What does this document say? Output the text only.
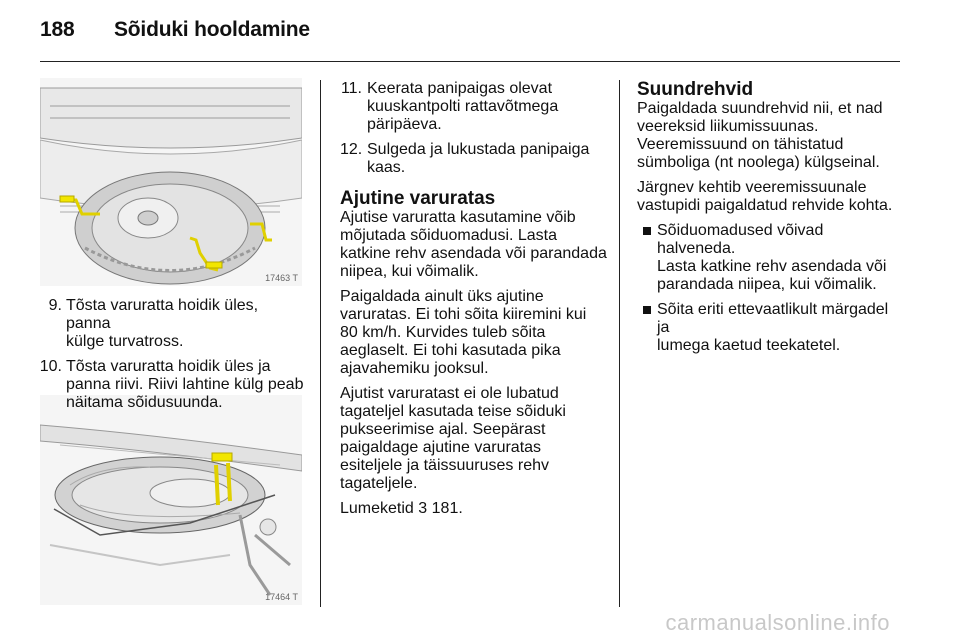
188 Sõiduki hooldamine
17463 T
17464 T
9. Tõsta varuratta hoidik üles, panna
külge turvatross.
10. Tõsta varuratta hoidik üles ja
panna riivi. Riivi lahtine külg peab
näitama sõidusuunda.
11. Keerata panipaigas olevat
kuuskantpolti rattavõtmega
päripäeva.
12. Sulgeda ja lukustada panipaiga
kaas.
Ajutine varuratas

Ajutise varuratta kasutamine võib
mõjutada sõiduomadusi. Lasta
katkine rehv asendada või parandada
niipea, kui võimalik.

Paigaldada ainult üks ajutine
varuratas. Ei tohi sõita kiiremini kui
80 km/h. Kurvides tuleb sõita
aeglaselt. Ei tohi kasutada pika
ajavahemiku jooksul.

Ajutist varuratast ei ole lubatud
tagateljel kasutada teise sõiduki
pukseerimise ajal. Seepärast
paigaldage ajutine varuratas
esiteljele ja täissuuruses rehv
tagateljele.

Lumeketid 3 181.

Suundrehvid

Paigaldada suundrehvid nii, et nad
veereksid liikumissuunas.
Veeremissuund on tähistatud
sümboliga (nt noolega) külgseinal.

Järgnev kehtib veeremissuunale
vastupidi paigaldatud rehvide kohta.

Sõiduomadused võivad halveneda.
Lasta katkine rehv asendada või
parandada niipea, kui võimalik.
Sõita eriti ettevaatlikult märgadel ja
lumega kaetud teekatetel.
carmanualsonline.info
